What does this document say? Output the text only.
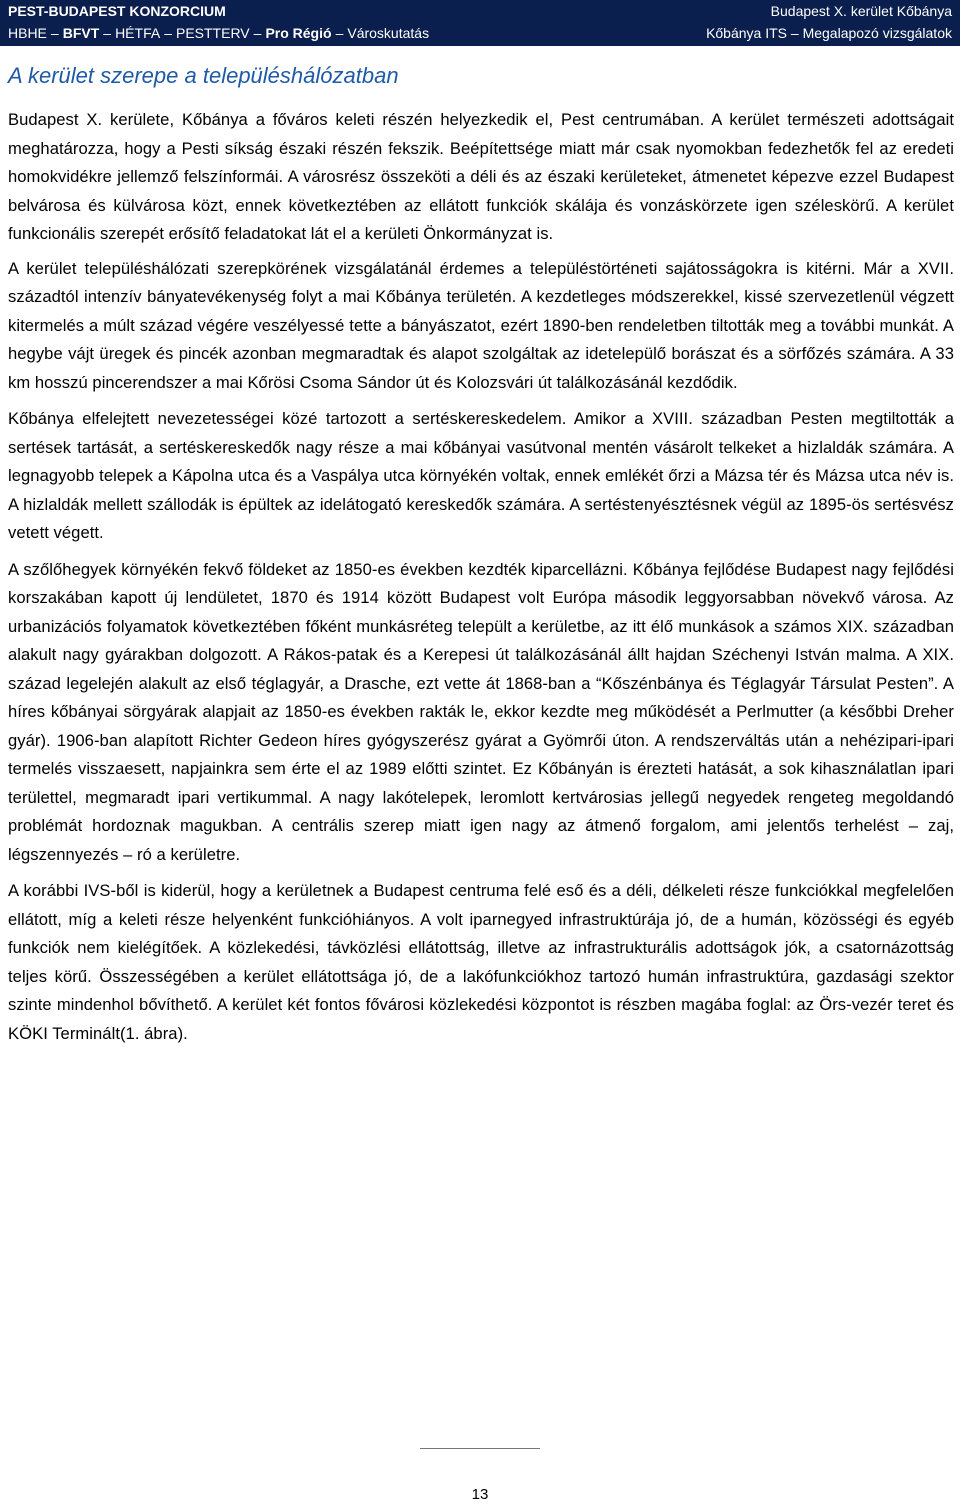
PEST-BUDAPEST KONZORCIUM	Budapest X. kerület Kőbánya
HBHE – BFVT – HÉTFA – PESTTERV – Pro Régió – Városkutatás	Kőbánya ITS – Megalapozó vizsgálatok
A kerület szerepe a településhálózatban

Budapest X. kerülete, Kőbánya a főváros keleti részén helyezkedik el, Pest centrumában. A kerület természeti adottságait meghatározza, hogy a Pesti síkság északi részén fekszik. Beépítettsége miatt már csak nyomokban fedezhetők fel az eredeti homokvidékre jellemző felszínformái. A városrész összeköti a déli és az északi kerületeket, átmenetet képezve ezzel Budapest belvárosa és külvárosa közt, ennek következtében az ellátott funkciók skálája és vonzáskörzete igen széleskörű. A kerület funkcionális szerepét erősítő feladatokat lát el a kerületi Önkormányzat is.

A kerület településhálózati szerepkörének vizsgálatánál érdemes a településtörténeti sajátosságokra is kitérni. Már a XVII. századtól intenzív bányatevékenység folyt a mai Kőbánya területén. A kezdetleges módszerekkel, kissé szervezetlenül végzett kitermelés a múlt század végére veszélyessé tette a bányászatot, ezért 1890-ben rendeletben tiltották meg a további munkát. A hegybe vájt üregek és pincék azonban megmaradtak és alapot szolgáltak az idetelepülő borászat és a sörfőzés számára. A 33 km hosszú pincerendszer a mai Kőrösi Csoma Sándor út és Kolozsvári út találkozásánál kezdődik.

Kőbánya elfelejtett nevezetességei közé tartozott a sertéskereskedelem. Amikor a XVIII. században Pesten megtiltották a sertések tartását, a sertéskereskedők nagy része a mai kőbányai vasútvonal mentén vásárolt telkeket a hizlaldák számára. A legnagyobb telepek a Kápolna utca és a Vaspálya utca környékén voltak, ennek emlékét őrzi a Mázsa tér és Mázsa utca név is. A hizlaldák mellett szállodák is épültek az idelátogató kereskedők számára. A sertéstenyésztésnek végül az 1895-ös sertésvész vetett végett.

A szőlőhegyek környékén fekvő földeket az 1850-es években kezdték kiparcellázni. Kőbánya fejlődése Budapest nagy fejlődési korszakában kapott új lendületet, 1870 és 1914 között Budapest volt Európa második leggyorsabban növekvő városa. Az urbanizációs folyamatok következtében főként munkásréteg települt a kerületbe, az itt élő munkások a számos XIX. században alakult nagy gyárakban dolgozott. A Rákos-patak és a Kerepesi út találkozásánál állt hajdan Széchenyi István malma. A XIX. század legelején alakult az első téglagyár, a Drasche, ezt vette át 1868-ban a “Kőszénbánya és Téglagyár Társulat Pesten”. A híres kőbányai sörgyárak alapjait az 1850-es években rakták le, ekkor kezdte meg működését a Perlmutter (a későbbi Dreher gyár). 1906-ban alapított Richter Gedeon híres gyógyszerész gyárat a Gyömrői úton. A rendszerváltás után a nehézipari-ipari termelés visszaesett, napjainkra sem érte el az 1989 előtti szintet. Ez Kőbányán is érezteti hatását, a sok kihasználatlan ipari területtel, megmaradt ipari vertikummal. A nagy lakótelepek, leromlott kertvárosias jellegű negyedek rengeteg megoldandó problémát hordoznak magukban. A centrális szerep miatt igen nagy az átmenő forgalom, ami jelentős terhelést – zaj, légszennyezés – ró a kerületre.

A korábbi IVS-ből is kiderül, hogy a kerületnek a Budapest centruma felé eső és a déli, délkeleti része funkciókkal megfelelően ellátott, míg a keleti része helyenként funkcióhiányos. A volt iparnegyed infrastruktúrája jó, de a humán, közösségi és egyéb funkciók nem kielégítőek. A közlekedési, távközlési ellátottság, illetve az infrastrukturális adottságok jók, a csatornázottság teljes körű. Összességében a kerület ellátottsága jó, de a lakófunkciókhoz tartozó humán infrastruktúra, gazdasági szektor szinte mindenhol bővíthető. A kerület két fontos fővárosi közlekedési központot is részben magába foglal: az Örs-vezér teret és KÖKI Terminált(1. ábra).

13
